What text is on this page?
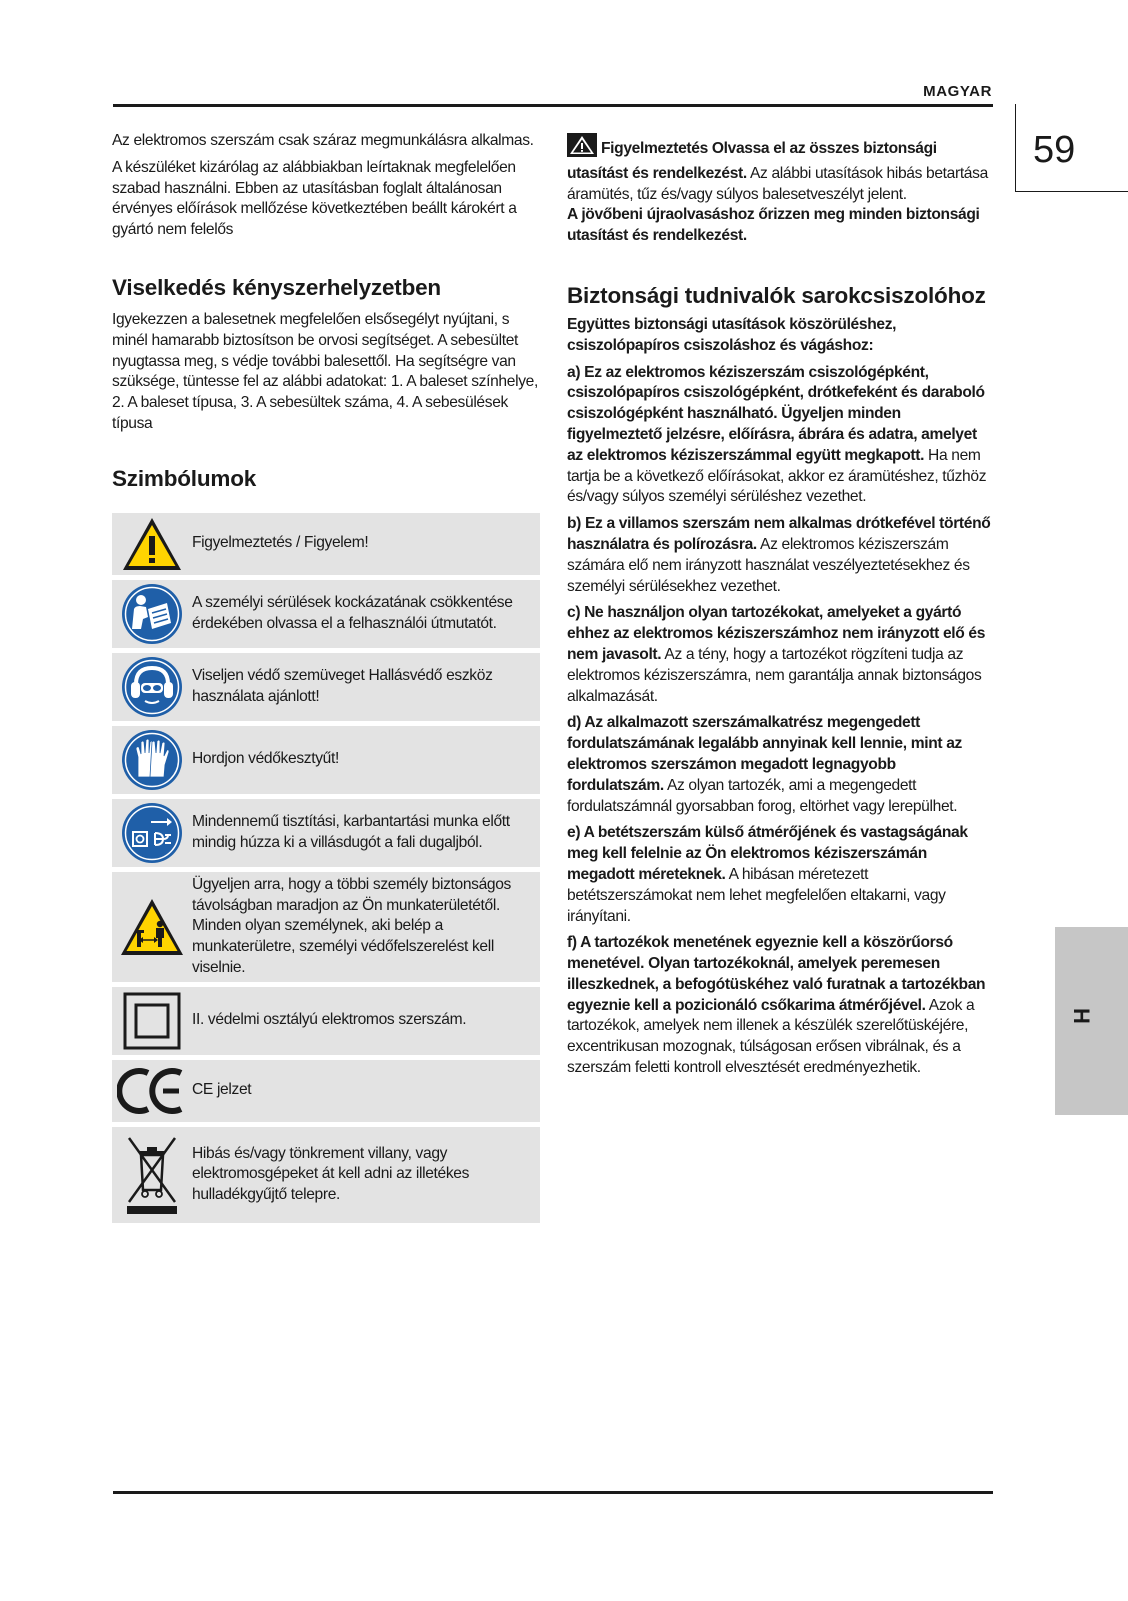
MAGYAR
59
H

Az elektromos szerszám csak száraz megmunkálásra alkalmas.

A készüléket kizárólag az alábbiakban leírtaknak megfelelően szabad használni. Ebben az utasításban foglalt általánosan érvényes előírások mellőzése következtében beállt károkért a gyártó nem felelős

Viselkedés kényszerhelyzetben

Igyekezzen a balesetnek megfelelően elsősegélyt nyújtani, s minél hamarabb biztosítson be orvosi segítséget. A sebesültet nyugtassa meg, s védje további balesettől. Ha segítségre van szüksége, tüntesse fel az alábbi adatokat: 1. A baleset színhelye, 2. A baleset típusa, 3. A sebesültek száma, 4. A sebesülések típusa

Szimbólumok
Figyelmeztetés / Figyelem!
A személyi sérülések kockázatának csökkentése érdekében olvassa el a felhasználói útmutatót.
Viseljen védő szemüveget Hallásvédő eszköz használata ajánlott!
Hordjon védőkesztyűt!
Mindennemű tisztítási, karbantartási munka előtt mindig húzza ki a villásdugót a fali dugaljból.
Ügyeljen arra, hogy a többi személy biztonságos távolságban maradjon az Ön munkaterületétől. Minden olyan személynek, aki belép a munkaterületre, személyi védőfelszerelést kell viselnie.
II. védelmi osztályú elektromos szerszám.
CE jelzet
Hibás és/vagy tönkrement villany, vagy elektromosgépeket át kell adni az illetékes hulladékgyűjtő telepre.

Figyelmeztetés Olvassa el az összes biztonsági utasítást és rendelkezést. Az alábbi utasítások hibás betartása áramütés, tűz és/vagy súlyos balesetveszélyt jelent.

A jövőbeni újraolvasáshoz őrizzen meg minden biztonsági utasítást és rendelkezést.

Biztonsági tudnivalók sarokcsiszolóhoz

Együttes biztonsági utasítások köszörüléshez, csiszolópapíros csiszoláshoz és vágáshoz:

a) Ez az elektromos kéziszerszám csiszológépként, csiszolópapíros csiszológépként, drótkefeként és daraboló csiszológépként használható. Ügyeljen minden figyelmeztető jelzésre, előírásra, ábrára és adatra, amelyet az elektromos kéziszerszámmal együtt megkapott. Ha nem tartja be a következő előírásokat, akkor ez áramütéshez, tűzhöz és/vagy súlyos személyi sérüléshez vezethet.

b) Ez a villamos szerszám nem alkalmas drótkefével történő használatra és polírozásra. Az elektromos kéziszerszám számára elő nem irányzott használat veszélyeztetésekhez és személyi sérülésekhez vezethet.

c) Ne használjon olyan tartozékokat, amelyeket a gyártó ehhez az elektromos kéziszerszámhoz nem irányzott elő és nem javasolt. Az a tény, hogy a tartozékot rögzíteni tudja az elektromos kéziszerszámra, nem garantálja annak biztonságos alkalmazását.

d) Az alkalmazott szerszámalkatrész megengedett fordulatszámának legalább annyinak kell lennie, mint az elektromos szerszámon megadott legnagyobb fordulatszám. Az olyan tartozék, ami a megengedett fordulatszámnál gyorsabban forog, eltörhet vagy lerepülhet.

e) A betétszerszám külső átmérőjének és vastagságának meg kell felelnie az Ön elektromos kéziszerszámán megadott méreteknek. A hibásan méretezett betétszerszámokat nem lehet megfelelően eltakarni, vagy irányítani.

f) A tartozékok menetének egyeznie kell a köszörűorsó menetével. Olyan tartozékoknál, amelyek peremesen illeszkednek, a befogótüskéhez való furatnak a tartozékban egyeznie kell a pozicionáló csőkarima átmérőjével. Azok a tartozékok, amelyek nem illenek a készülék szerelőtüskéjére, excentrikusan mozognak, túlságosan erősen vibrálnak, és a szerszám feletti kontroll elvesztését eredményezhetik.
